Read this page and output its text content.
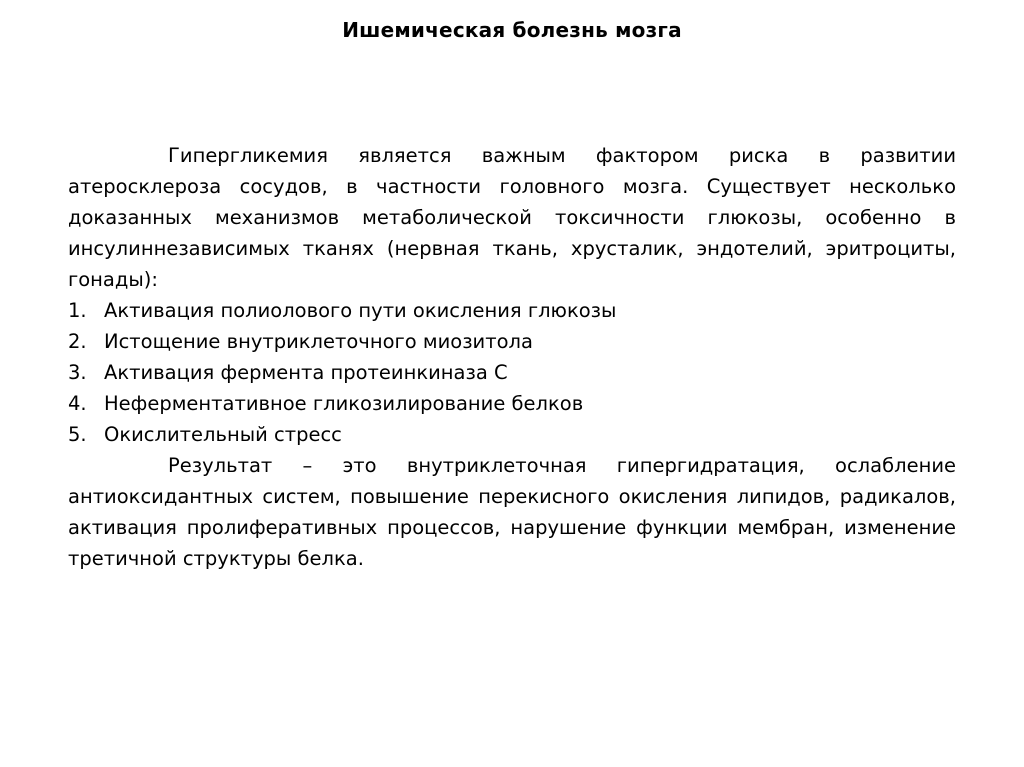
Ишемическая болезнь мозга

Гипергликемия является важным фактором риска в развитии атеросклероза сосудов, в частности головного мозга. Существует несколько доказанных механизмов метаболической токсичности глюкозы, особенно в инсулиннезависимых тканях (нервная ткань, хрусталик, эндотелий, эритроциты, гонады):

1. Активация полиолового пути окисления глюкозы
2. Истощение внутриклеточного миозитола
3. Активация фермента протеинкиназа С
4. Неферментативное гликозилирование белков
5. Окислительный стресс

Результат – это внутриклеточная гипергидратация, ослабление антиоксидантных систем, повышение перекисного окисления липидов, радикалов, активация пролиферативных процессов, нарушение функции мембран, изменение третичной структуры белка.
